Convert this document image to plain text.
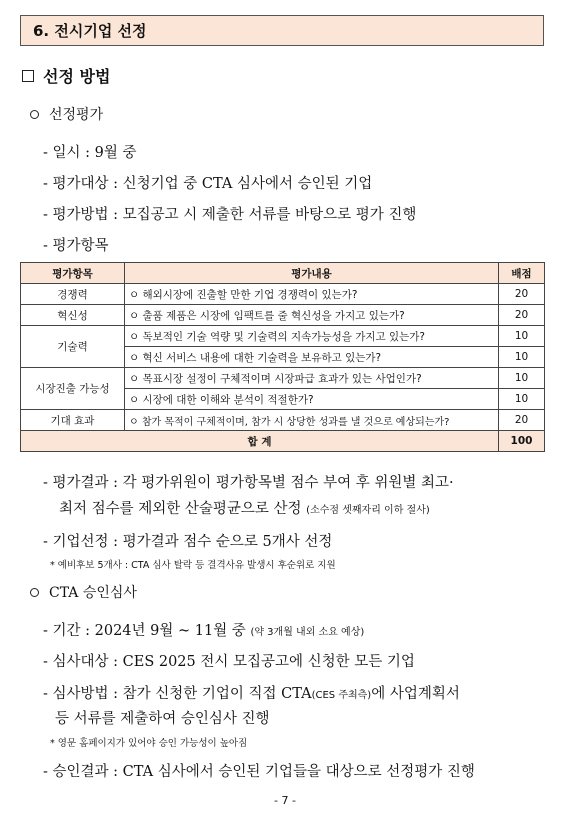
6. 전시기업 선정
선정 방법
선정평가
- 일시 : 9월 중
- 평가대상 : 신청기업 중 CTA 심사에서 승인된 기업
- 평가방법 : 모집공고 시 제출한 서류를 바탕으로 평가 진행
- 평가항목
평가항목	평가내용	배점
경쟁력	ㅇ 해외시장에 진출할 만한 기업 경쟁력이 있는가?	20
혁신성	ㅇ 출품 제품은 시장에 임팩트를 줄 혁신성을 가지고 있는가?	20
기술력	ㅇ 독보적인 기술 역량 및 기술력의 지속가능성을 가지고 있는가?	10
	ㅇ 혁신 서비스 내용에 대한 기술력을 보유하고 있는가?	10
시장진출 가능성	ㅇ 목표시장 설정이 구체적이며 시장파급 효과가 있는 사업인가?	10
	ㅇ 시장에 대한 이해와 분석이 적절한가?	10
기대 효과	ㅇ 참가 목적이 구체적이며, 참가 시 상당한 성과를 낼 것으로 예상되는가?	20
합 계		100
- 평가결과 : 각 평가위원이 평가항목별 점수 부여 후 위원별 최고·
최저 점수를 제외한 산술평균으로 산정 (소수점 셋째자리 이하 절사)
- 기업선정 : 평가결과 점수 순으로 5개사 선정
* 예비후보 5개사 : CTA 심사 탈락 등 결격사유 발생시 후순위로 지원
CTA 승인심사
- 기간 : 2024년 9월 ~ 11월 중 (약 3개월 내외 소요 예상)
- 심사대상 : CES 2025 전시 모집공고에 신청한 모든 기업
- 심사방법 : 참가 신청한 기업이 직접 CTA(CES 주최측)에 사업계획서
등 서류를 제출하여 승인심사 진행
* 영문 홈페이지가 있어야 승인 가능성이 높아짐
- 승인결과 : CTA 심사에서 승인된 기업들을 대상으로 선정평가 진행
- 7 -
